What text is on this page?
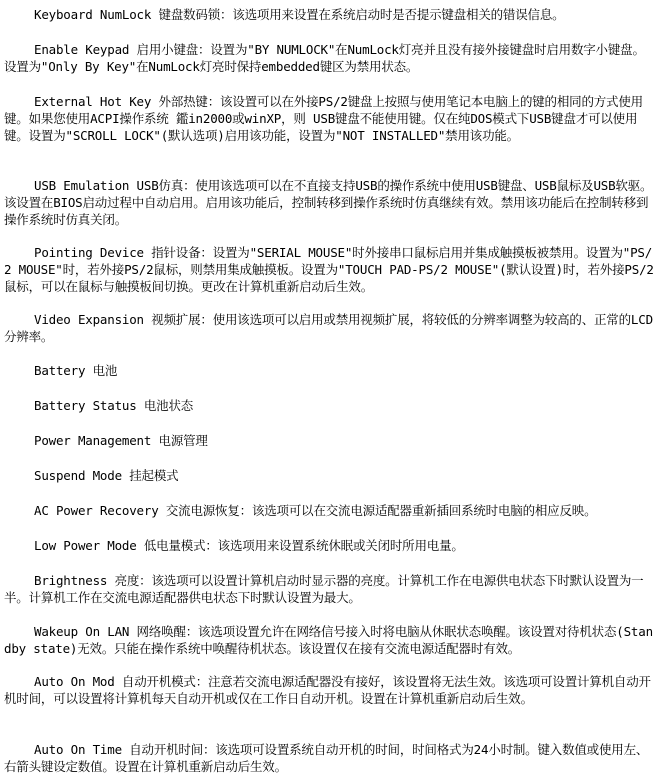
Keyboard NumLock 键盘数码锁：该选项用来设置在系统启动时是否提示键盘相关的错误信息。

Enable Keypad 启用小键盘：设置为"BY NUMLOCK"在NumLock灯亮并且没有接外接键盘时启用数字小键盘。设置为"Only By Key"在NumLock灯亮时保持embedded键区为禁用状态。

External Hot Key 外部热键：该设置可以在外接PS/2键盘上按照与使用笔记本电脑上的键的相同的方式使用键。如果您使用ACPI操作系统 鑑in2000或winXP，则 USB键盘不能使用键。仅在纯DOS模式下USB键盘才可以使用键。设置为"SCROLL LOCK"(默认选项)启用该功能，设置为"NOT INSTALLED"禁用该功能。

USB Emulation USB仿真：使用该选项可以在不直接支持USB的操作系统中使用USB键盘、USB鼠标及USB软驱。该设置在BIOS启动过程中自动启用。启用该功能后，控制转移到操作系统时仿真继续有效。禁用该功能后在控制转移到操作系统时仿真关闭。

Pointing Device 指针设备：设置为"SERIAL MOUSE"时外接串口鼠标启用并集成触摸板被禁用。设置为"PS/2 MOUSE"时，若外接PS/2鼠标，则禁用集成触摸板。设置为"TOUCH PAD-PS/2 MOUSE"(默认设置)时，若外接PS/2鼠标，可以在鼠标与触摸板间切换。更改在计算机重新启动后生效。

Video Expansion 视频扩展：使用该选项可以启用或禁用视频扩展，将较低的分辨率调整为较高的、正常的LCD分辨率。

Battery 电池

Battery Status 电池状态

Power Management 电源管理

Suspend Mode 挂起模式

AC Power Recovery 交流电源恢复：该选项可以在交流电源适配器重新插回系统时电脑的相应反映。

Low Power Mode 低电量模式：该选项用来设置系统休眠或关闭时所用电量。

Brightness 亮度：该选项可以设置计算机启动时显示器的亮度。计算机工作在电源供电状态下时默认设置为一半。计算机工作在交流电源适配器供电状态下时默认设置为最大。

Wakeup On LAN 网络唤醒：该选项设置允许在网络信号接入时将电脑从休眠状态唤醒。该设置对待机状态(Standby state)无效。只能在操作系统中唤醒待机状态。该设置仅在接有交流电源适配器时有效。

Auto On Mod 自动开机模式：注意若交流电源适配器没有接好，该设置将无法生效。该选项可设置计算机自动开机时间，可以设置将计算机每天自动开机或仅在工作日自动开机。设置在计算机重新启动后生效。

Auto On Time 自动开机时间：该选项可设置系统自动开机的时间，时间格式为24小时制。键入数值或使用左、右箭头键设定数值。设置在计算机重新启动后生效。
